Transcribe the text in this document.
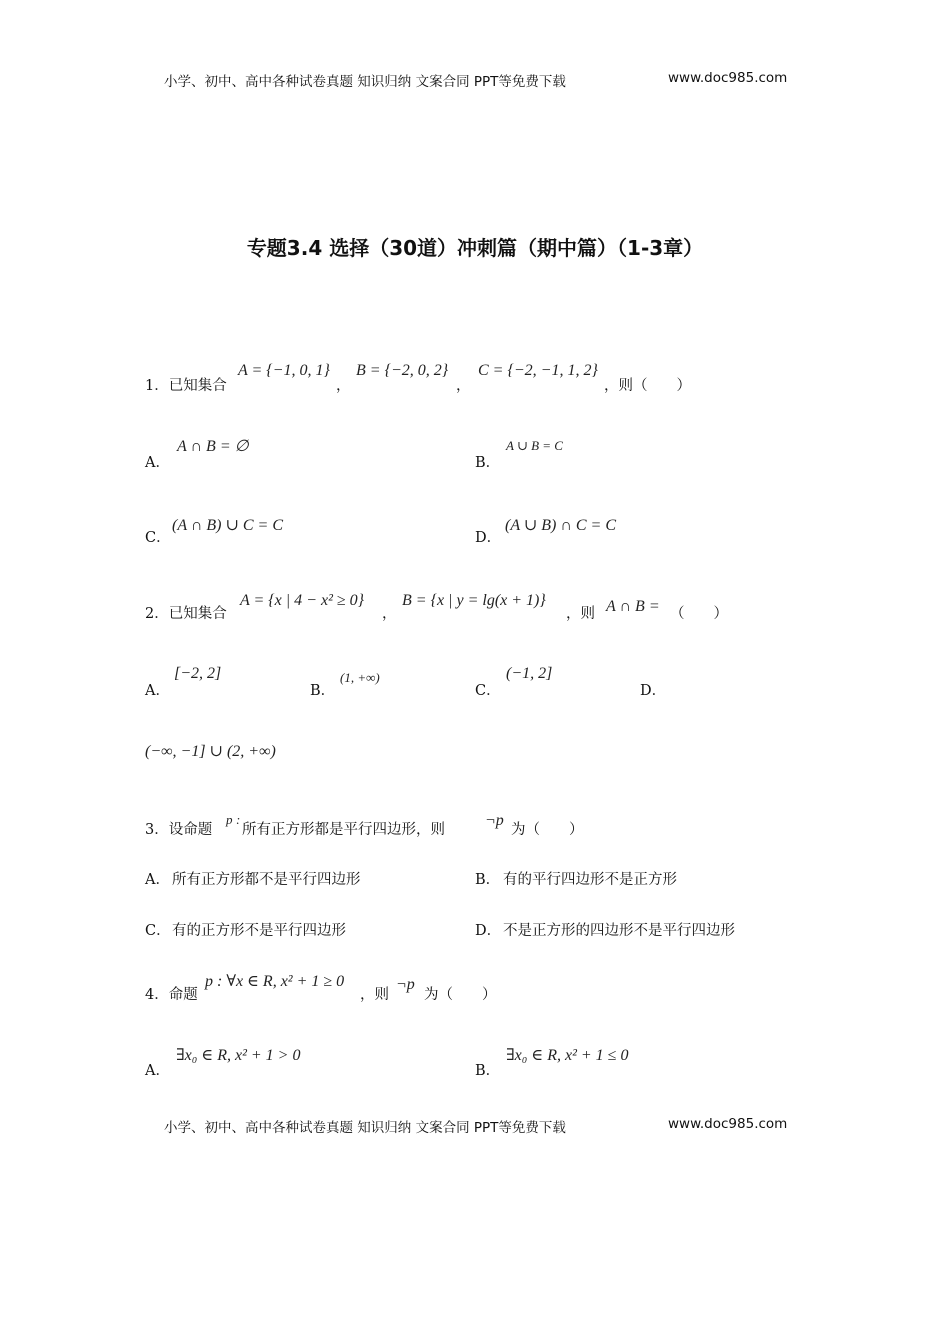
小学、初中、高中各种试卷真题 知识归纳 文案合同 PPT等免费下载	www.doc985.com
专题3.4 选择（30道）冲刺篇（期中篇）（1-3章）
1．已知集合
A = {−1, 0, 1}
，
B = {−2, 0, 2}
，
C = {−2, −1, 1, 2}
，则（　　）
A．
A ∩ B = ∅
B．
A ∪ B = C
C．
(A ∩ B) ∪ C = C
D．
(A ∪ B) ∩ C = C
2．已知集合
A = {x | 4 − x² ≥ 0}
，
B = {x | y = lg(x + 1)}
，则 A ∩ B = （　　）
A．
[−2, 2]
B．
(1, +∞)
C．
(−1, 2]
D．
(−∞, −1] ∪ (2, +∞)
3．设命题
p :
所有正方形都是平行四边形，则
¬p
为（　　）
A． 所有正方形都不是平行四边形	B． 有的平行四边形不是正方形
C． 有的正方形不是平行四边形	D． 不是正方形的四边形不是平行四边形
4．命题
p : ∀x ∈ R, x² + 1 ≥ 0
，则
¬p
为（　　）
A．
∃x₀ ∈ R, x² + 1 > 0
B．
∃x₀ ∈ R, x² + 1 ≤ 0
小学、初中、高中各种试卷真题 知识归纳 文案合同 PPT等免费下载	www.doc985.com
